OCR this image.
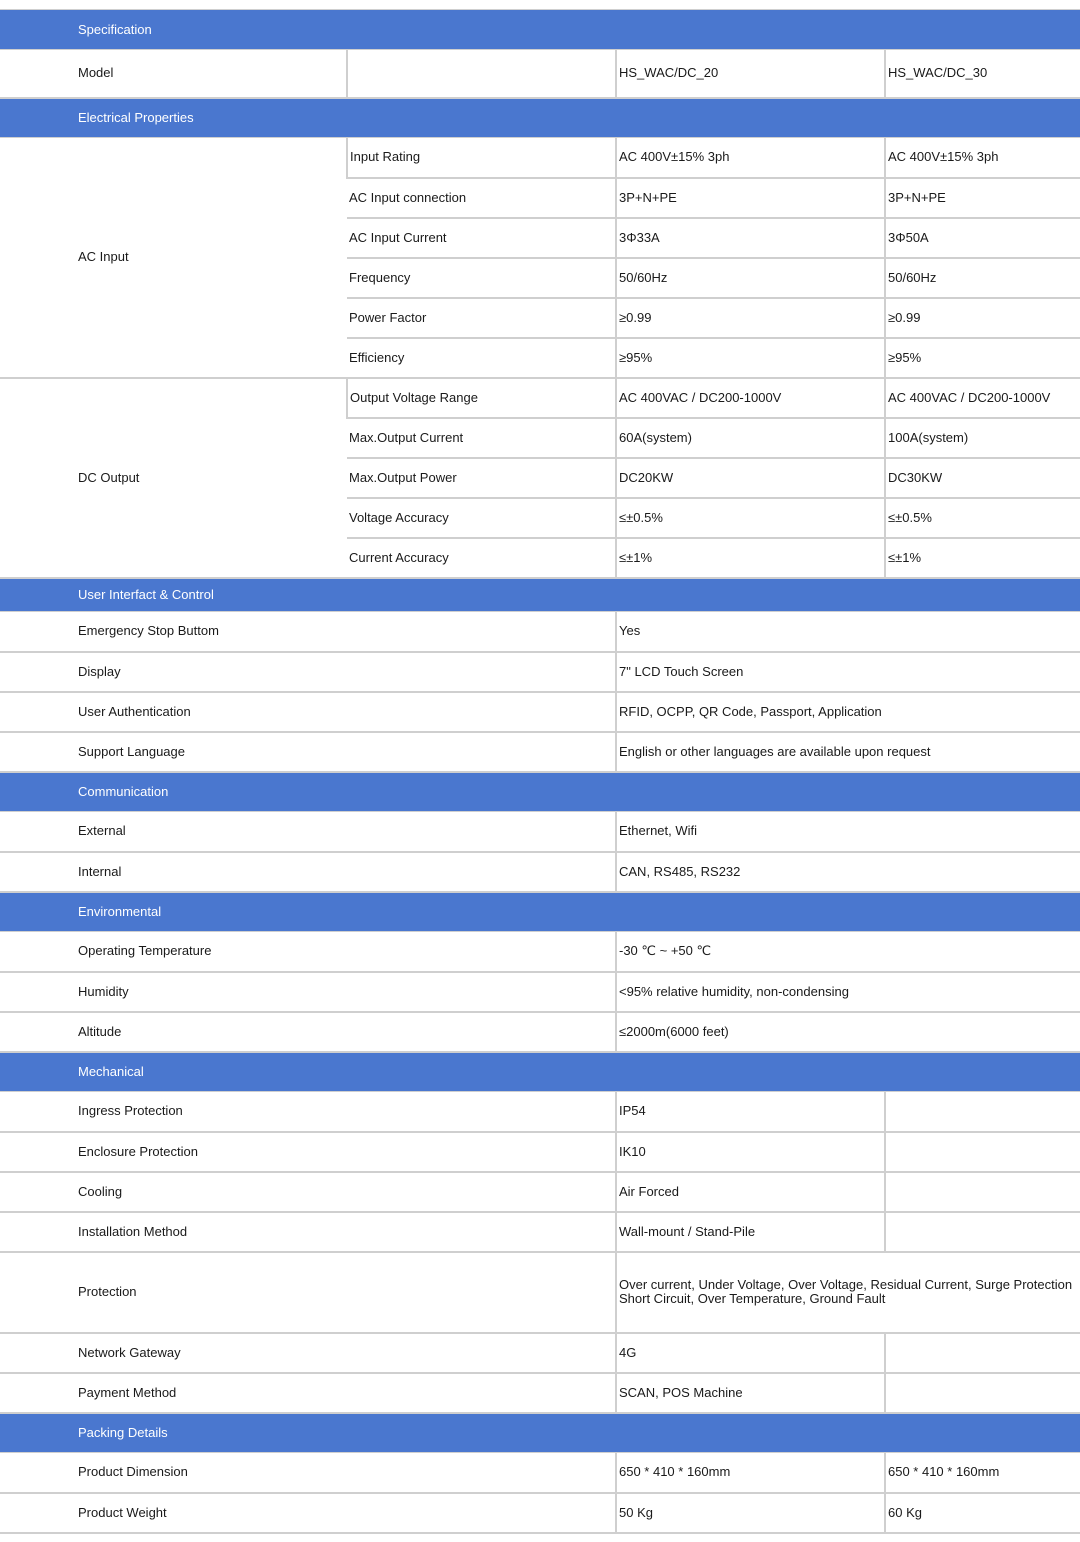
Specification			
Model		HS_WAC/DC_20	HS_WAC/DC_30
Electrical Properties			
AC Input	Input Rating	AC 400V±15% 3ph	AC 400V±15% 3ph
	AC Input connection	3P+N+PE	3P+N+PE
	AC Input Current	3Φ33A	3Φ50A
	Frequency	50/60Hz	50/60Hz
	Power Factor	≥0.99	≥0.99
	Efficiency	≥95%	≥95%
DC Output	Output Voltage Range	AC 400VAC / DC200-1000V	AC 400VAC / DC200-1000V
	Max.Output Current	60A(system)	100A(system)
	Max.Output Power	DC20KW	DC30KW
	Voltage Accuracy	≤±0.5%	≤±0.5%
	Current Accuracy	≤±1%	≤±1%
User Interfact & Control			
Emergency Stop Buttom		Yes	
Display		7" LCD Touch Screen	
User Authentication		RFID, OCPP, QR Code, Passport, Application	
Support Language		English or other languages are available upon request	
Communication			
External		Ethernet, Wifi	
Internal		CAN, RS485, RS232	
Environmental			
Operating Temperature		-30 ℃ ~ +50 ℃	
Humidity		<95% relative humidity, non-condensing	
Altitude		≤2000m(6000 feet)	
Mechanical			
Ingress Protection		IP54	
Enclosure Protection		IK10	
Cooling		Air Forced	
Installation Method		Wall-mount / Stand-Pile	
Protection		Over current, Under Voltage, Over Voltage, Residual Current, Surge Protection
Short Circuit, Over Temperature, Ground Fault	
Network Gateway		4G	
Payment Method		SCAN, POS Machine	
Packing Details			
Product Dimension		650 * 410 * 160mm	650 * 410 * 160mm
Product Weight		50 Kg	60 Kg
